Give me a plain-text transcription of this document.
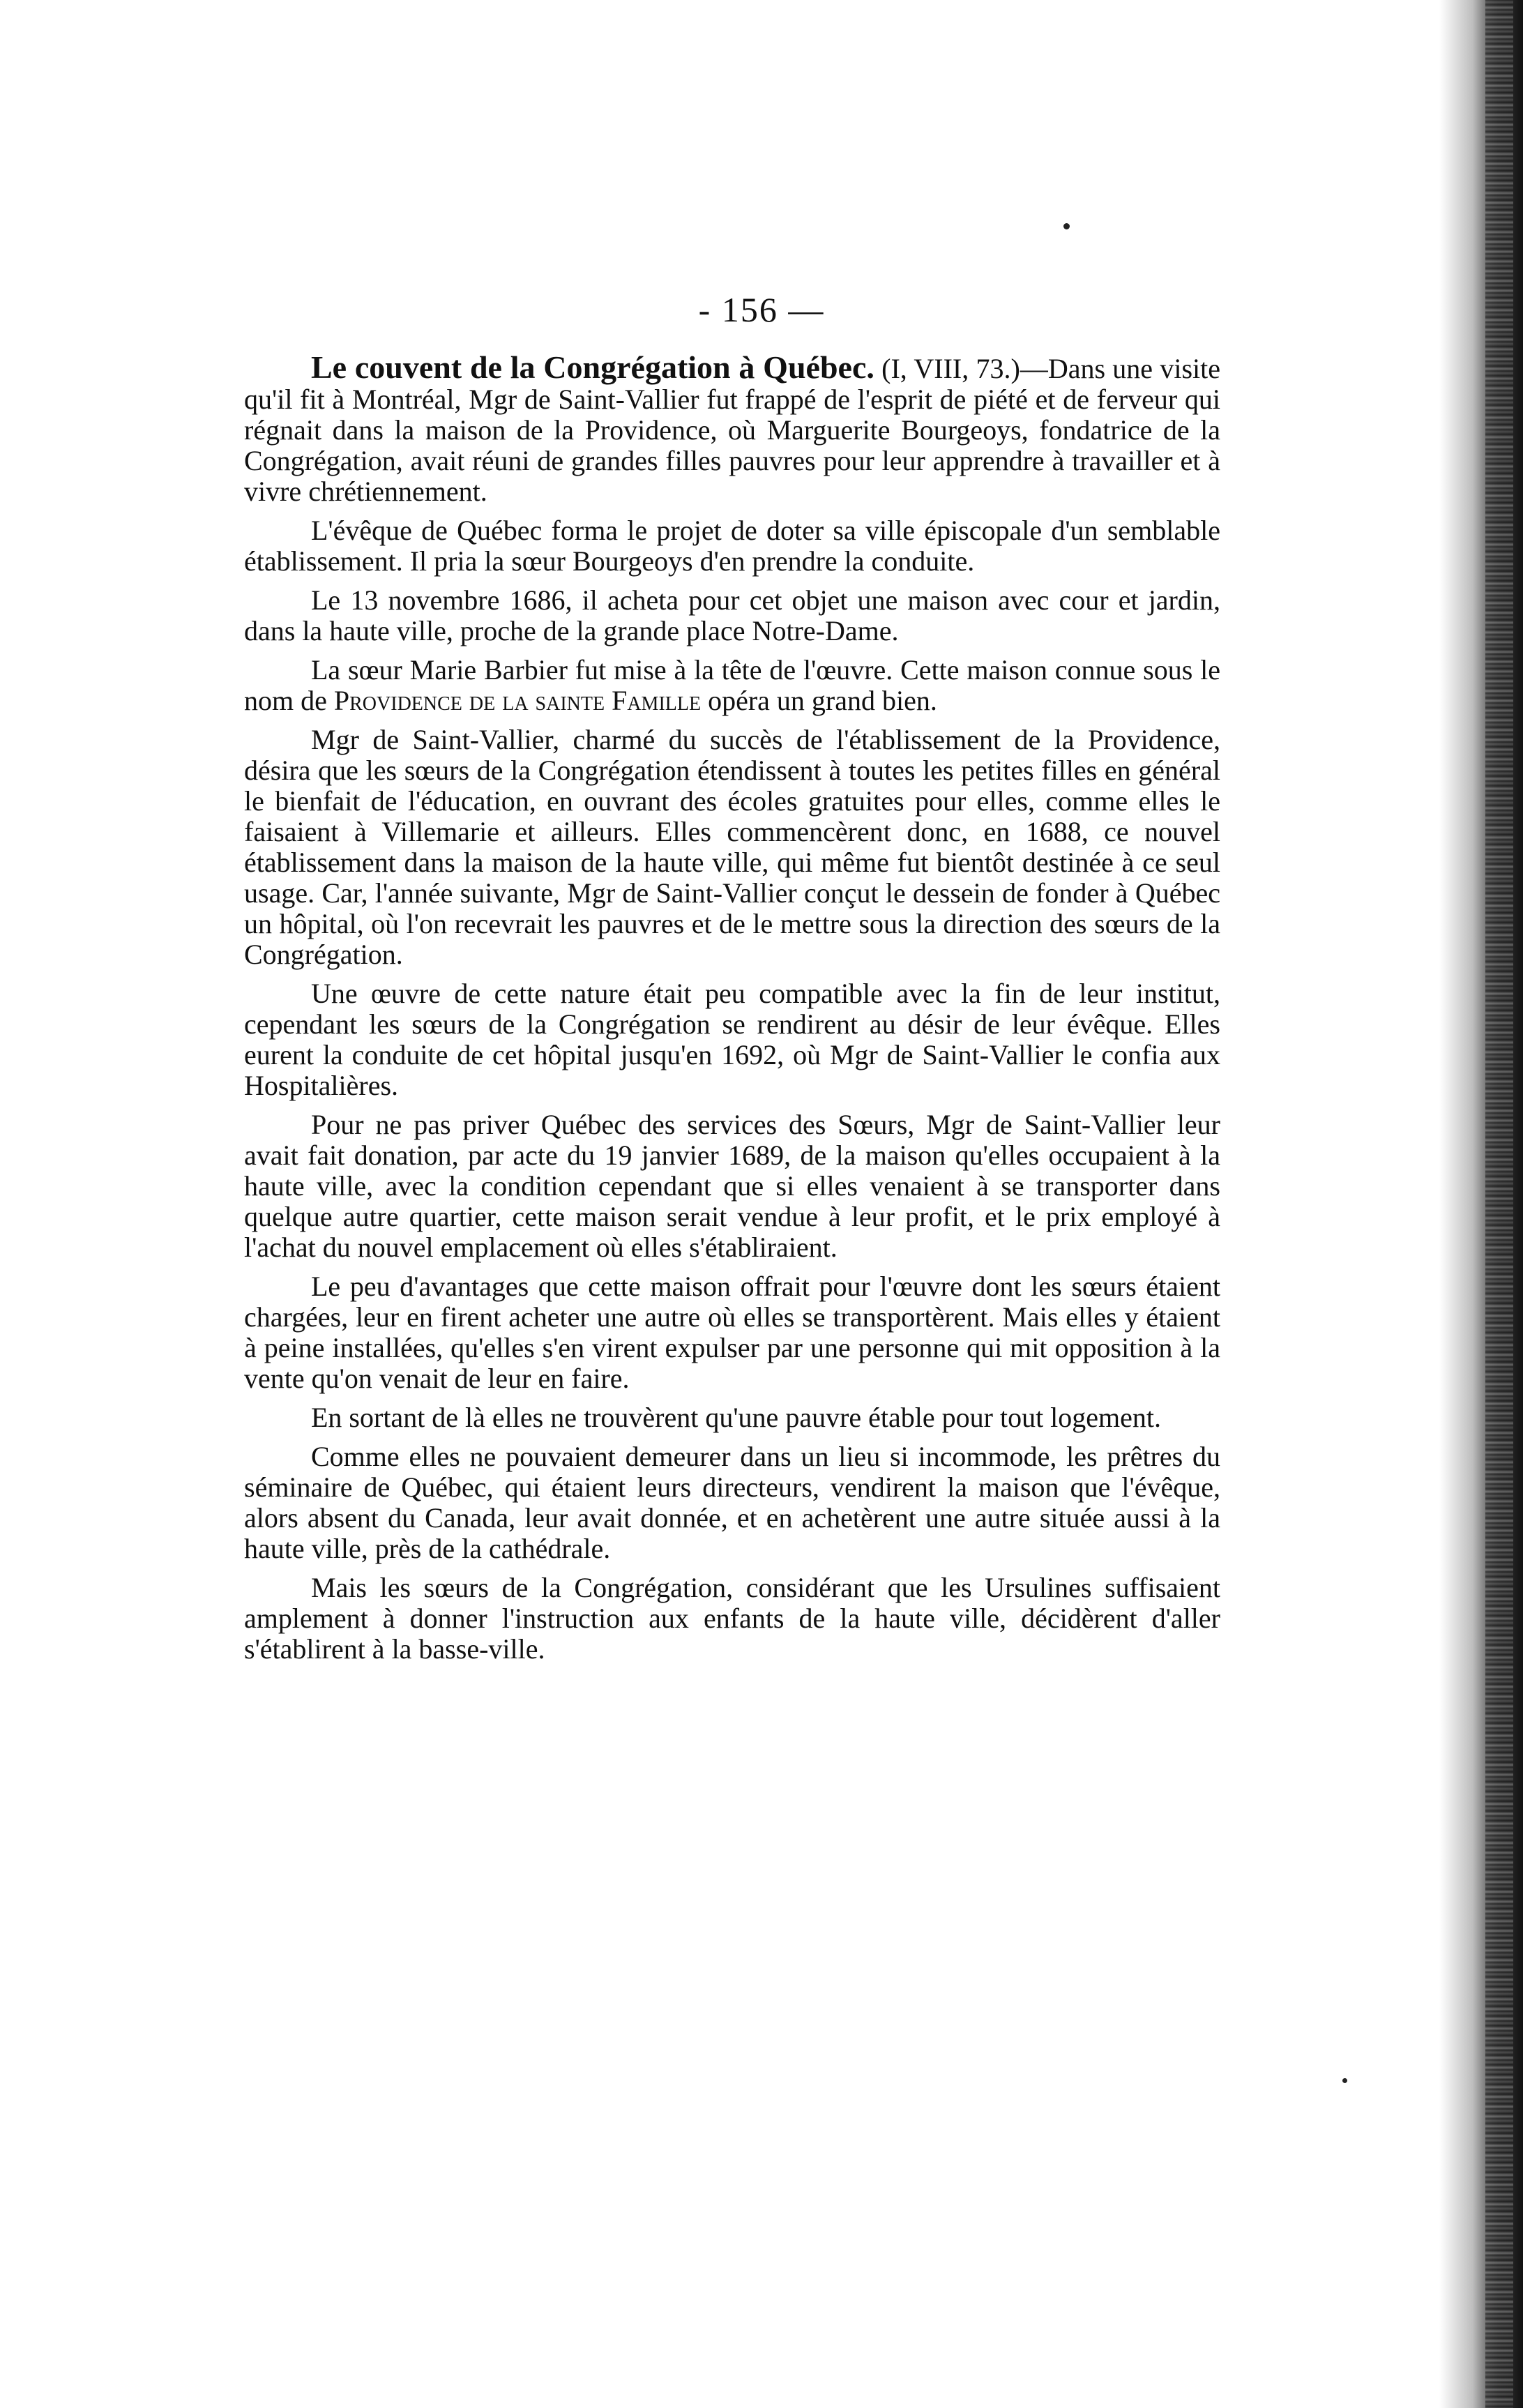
- 156 —

Le couvent de la Congrégation à Québec. (I, VIII, 73.)—Dans une visite qu'il fit à Montréal, Mgr de Saint-Vallier fut frappé de l'esprit de piété et de ferveur qui régnait dans la maison de la Providence, où Marguerite Bourgeoys, fondatrice de la Congrégation, avait réuni de grandes filles pauvres pour leur apprendre à travailler et à vivre chrétiennement.

L'évêque de Québec forma le projet de doter sa ville épiscopale d'un semblable établissement. Il pria la sœur Bourgeoys d'en prendre la conduite.

Le 13 novembre 1686, il acheta pour cet objet une maison avec cour et jardin, dans la haute ville, proche de la grande place Notre-Dame.

La sœur Marie Barbier fut mise à la tête de l'œuvre. Cette maison connue sous le nom de Providence de la sainte Famille opéra un grand bien.

Mgr de Saint-Vallier, charmé du succès de l'établissement de la Providence, désira que les sœurs de la Congrégation étendissent à toutes les petites filles en général le bienfait de l'éducation, en ouvrant des écoles gratuites pour elles, comme elles le faisaient à Villemarie et ailleurs. Elles commencèrent donc, en 1688, ce nouvel établissement dans la maison de la haute ville, qui même fut bientôt destinée à ce seul usage. Car, l'année suivante, Mgr de Saint-Vallier conçut le dessein de fonder à Québec un hôpital, où l'on recevrait les pauvres et de le mettre sous la direction des sœurs de la Congrégation.

Une œuvre de cette nature était peu compatible avec la fin de leur institut, cependant les sœurs de la Congrégation se rendirent au désir de leur évêque. Elles eurent la conduite de cet hôpital jusqu'en 1692, où Mgr de Saint-Vallier le confia aux Hospitalières.

Pour ne pas priver Québec des services des Sœurs, Mgr de Saint-Vallier leur avait fait donation, par acte du 19 janvier 1689, de la maison qu'elles occupaient à la haute ville, avec la condition cependant que si elles venaient à se transporter dans quelque autre quartier, cette maison serait vendue à leur profit, et le prix employé à l'achat du nouvel emplacement où elles s'établiraient.

Le peu d'avantages que cette maison offrait pour l'œuvre dont les sœurs étaient chargées, leur en firent acheter une autre où elles se transportèrent. Mais elles y étaient à peine installées, qu'elles s'en virent expulser par une personne qui mit opposition à la vente qu'on venait de leur en faire.

En sortant de là elles ne trouvèrent qu'une pauvre étable pour tout logement.

Comme elles ne pouvaient demeurer dans un lieu si incommode, les prêtres du séminaire de Québec, qui étaient leurs directeurs, vendirent la maison que l'évêque, alors absent du Canada, leur avait donnée, et en achetèrent une autre située aussi à la haute ville, près de la cathédrale.

Mais les sœurs de la Congrégation, considérant que les Ursulines suffisaient amplement à donner l'instruction aux enfants de la haute ville, décidèrent d'aller s'établirent à la basse-ville.
